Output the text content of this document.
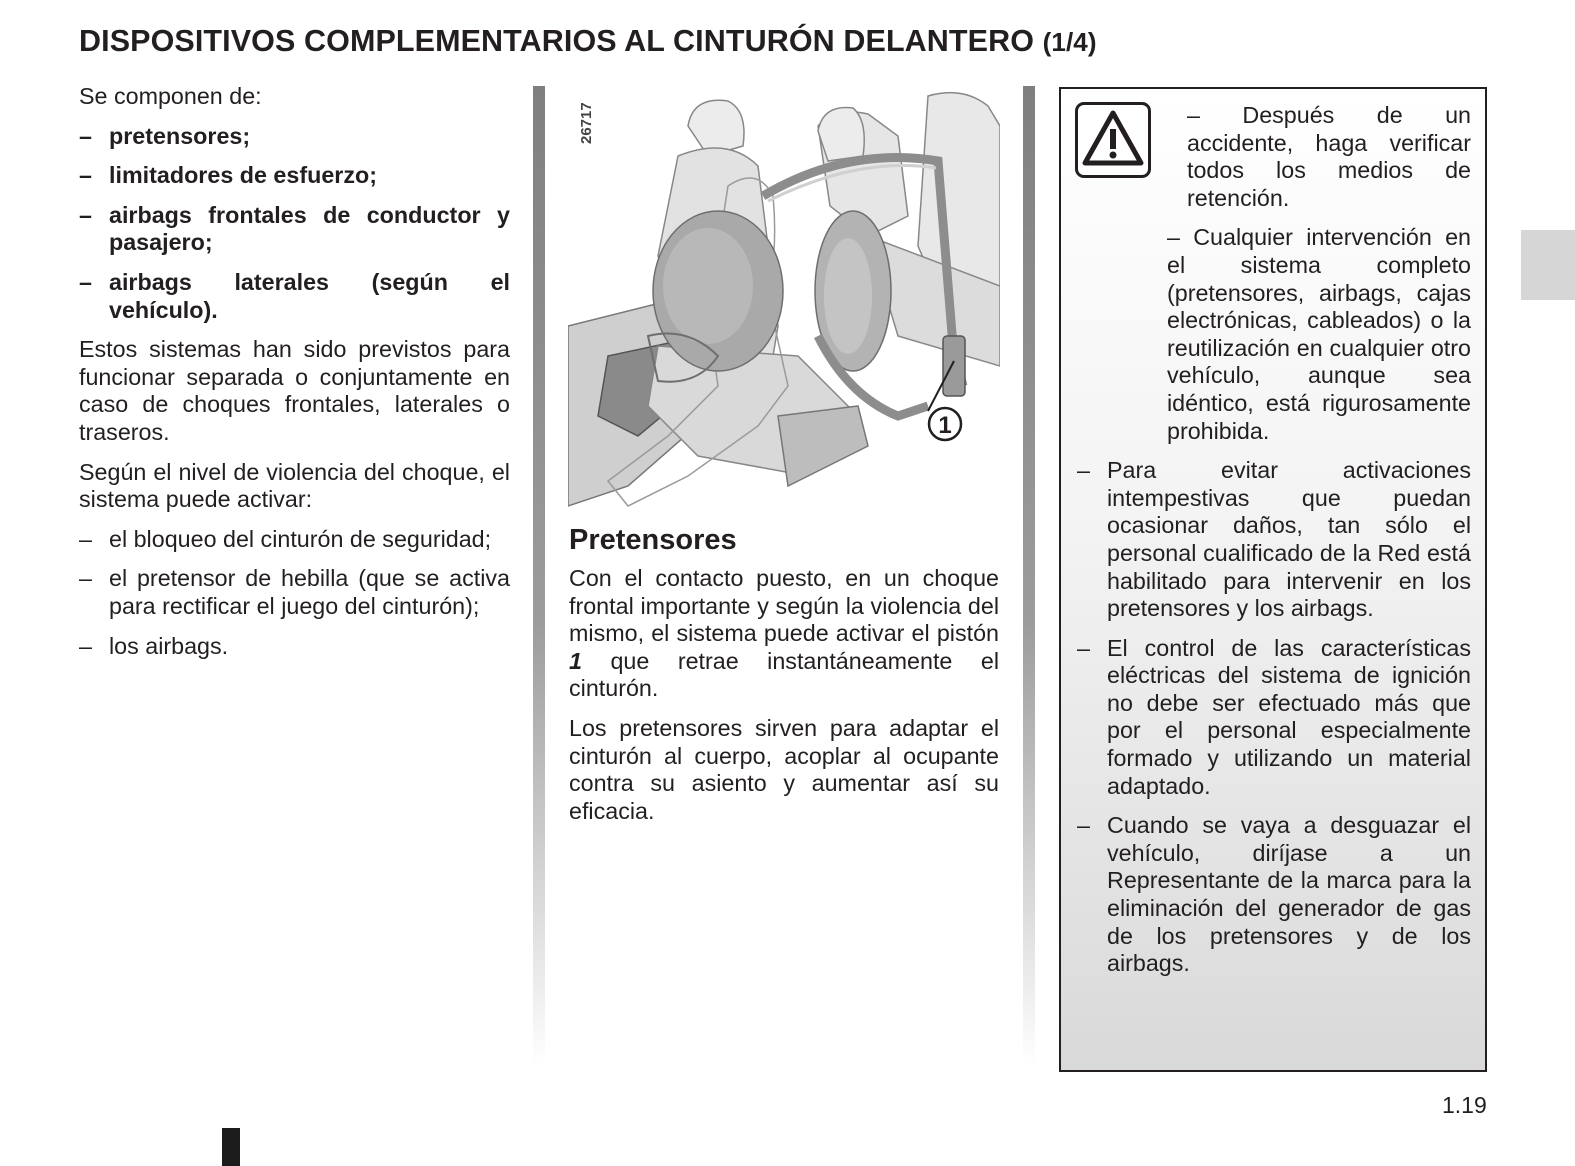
DISPOSITIVOS COMPLEMENTARIOS AL CINTURÓN DELANTERO (1/4)

Se componen de:

– pretensores;
– limitadores de esfuerzo;
– airbags frontales de conductor y pasajero;
– airbags laterales (según el vehículo).

Estos sistemas han sido previstos para funcionar separada o conjuntamente en caso de choques frontales, laterales o traseros.

Según el nivel de violencia del choque, el sistema puede activar:

– el bloqueo del cinturón de seguridad;
– el pretensor de hebilla (que se activa para rectificar el juego del cinturón);
– los airbags.
1
26717
Pretensores

Con el contacto puesto, en un choque frontal importante y según la violencia del mismo, el sistema puede activar el pistón 1 que retrae instantáneamente el cinturón.

Los pretensores sirven para adaptar el cinturón al cuerpo, acoplar al ocupante contra su asiento y aumentar así su eficacia.

– Después de un accidente, haga verificar todos los medios de retención.
– Cualquier intervención en el sistema completo (pretensores, airbags, cajas electrónicas, cableados) o la reutilización en cualquier otro vehículo, aunque sea idéntico, está rigurosamente prohibida.
– Para evitar activaciones intempestivas que puedan ocasionar daños, tan sólo el personal cualificado de la Red está habilitado para intervenir en los pretensores y los airbags.
– El control de las características eléctricas del sistema de ignición no debe ser efectuado más que por el personal especialmente formado y utilizando un material adaptado.
– Cuando se vaya a desguazar el vehículo, diríjase a un Representante de la marca para la eliminación del generador de gas de los pretensores y de los airbags.
1.19
